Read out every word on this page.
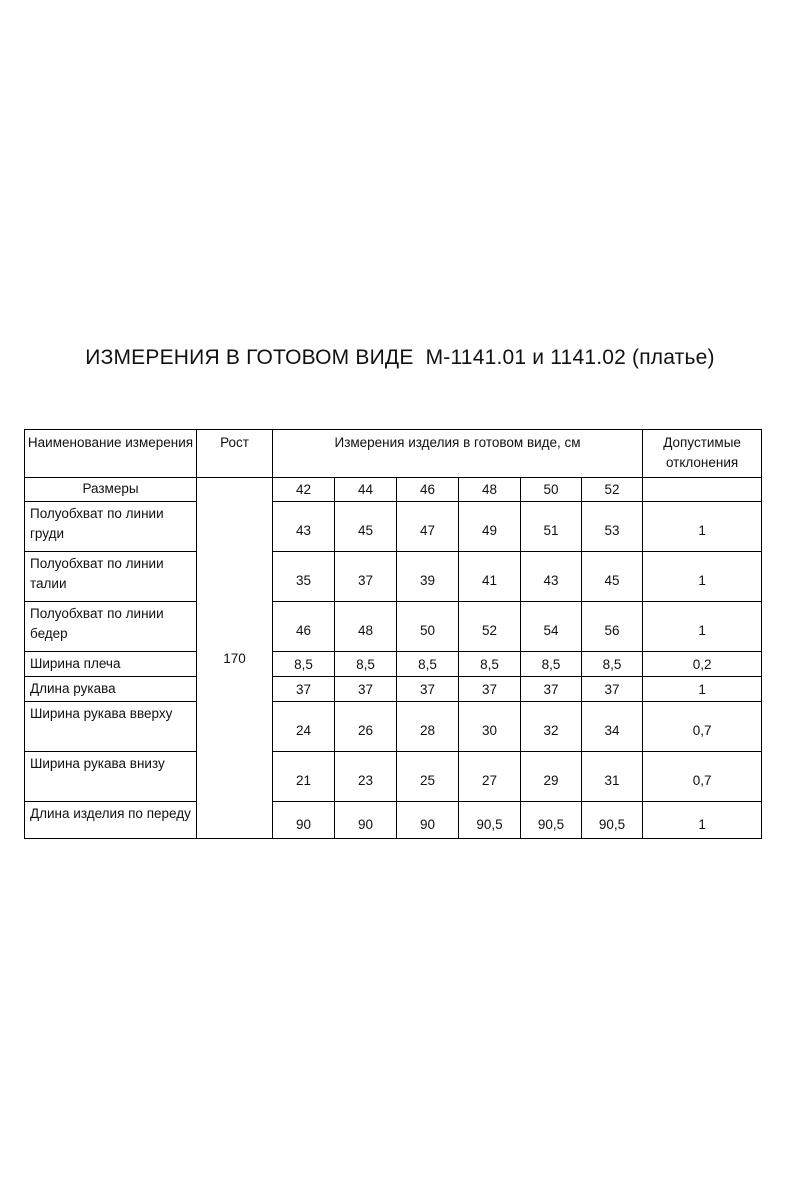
ИЗМЕРЕНИЯ В ГОТОВОМ ВИДЕ  М-1141.01 и 1141.02 (платье)
Наименование измерения	Рост	Измерения изделия в готовом виде, см						Допустимые отклонения
Размеры	170	42	44	46	48	50	52	
Полуобхват по линии груди		43	45	47	49	51	53	1
Полуобхват по линии талии		35	37	39	41	43	45	1
Полуобхват по линии бедер		46	48	50	52	54	56	1
Ширина плеча		8,5	8,5	8,5	8,5	8,5	8,5	0,2
Длина рукава		37	37	37	37	37	37	1
Ширина рукава вверху		24	26	28	30	32	34	0,7
Ширина рукава внизу		21	23	25	27	29	31	0,7
Длина изделия по переду		90	90	90	90,5	90,5	90,5	1
